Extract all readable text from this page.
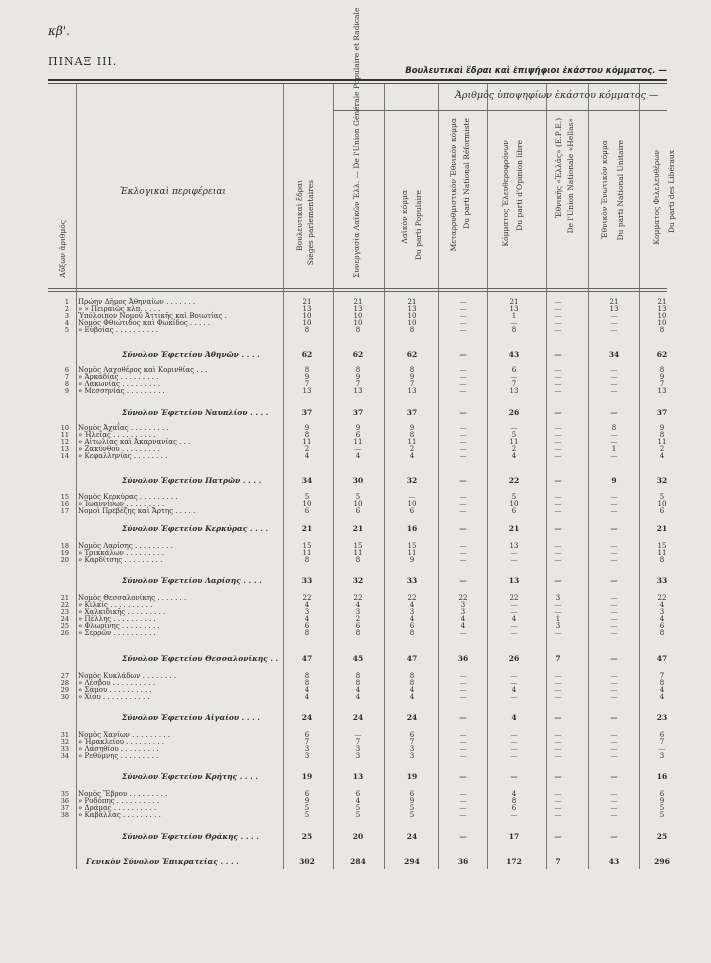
κβ'.
ΠΙΝΑΞ ΙΙΙ.
Βουλευτικαὶ ἕδραι καὶ ἐπιψήφιοι ἑκάστου κόμματος. —
Αὔξων ἀριθμός
Ἐκλογικαὶ περιφέρειαι	Βουλευτικαὶ ἕδραι Sièges parlementaires
Ἀριθμὸς ὑποψηφίων ἑκάστου κόμματος —
Συνεργασία Λαϊκῶν Ἑλλ. — De l'Union Générale Populaire et Radicale	Λαϊκὸν κόμμα Du parti Populaire	Μεταρρυθμιστικὸν Ἐθνικὸν κόμμα Du parti National Réformiste	Κόμματος Ἐλευθεροφρόνων Du parti d'Opinion libre	Ἐθνικῆς «Ἑλλάς» (Ε.Ρ.Ε.) De l'Union Nationale «Hellas»	Ἐθνικὸν Ἑνωτικὸν κόμμα Du parti National Unitaire	Κομματος Φιλελευθέρων Du parti des Libéraux
1 Πρώην Δῆμος Ἀθηναίων . . . . . . .	21	21	21	—	21	—	21	21
2 » » Πειραιῶς κλπ. . . . .	13	13	13	—	13	—	13	13
3 Ὑπόλοιπον Νομοῦ Ἀττικῆς καὶ Βοιωτίας .	10	10	10	—	1	—	—	10
4 Νομὸς Φθιώτιδος καὶ Φωκίδος . . . . .	10	10	10	—	—	—	—	10
5 » Εὐβοίας . . . . . . . . . .	8	8	8	—	8	—	—	8
Σύνολον Ἐφετείου Ἀθηνῶν . . . .	62	62	62	—	43	—	34	62
6 Νομὸς Λαχοθέρος καὶ Κορινθίας . . .	8	8	8	—	6	—	—	8
7 » Ἀρκαδίας . . . . . . . . .	9	9	9	—	—	—	—	9
8 » Λακωνίας . . . . . . . . .	7	7	7	—	7	—	—	7
9 » Μεσσηνίας . . . . . . . . .	13	13	13	—	13	—	—	13
Σύνολον Ἐφετείου Ναυπλίου . . . .	37	37	37	—	26	—	—	37
10 Νομὸς Ἀχαΐας . . . . . . . . .	9	9	9	—	—	—	8	9
11 » Ἠλείας . . . . . . . . . .	8	6	8	—	5	—	—	8
12 » Αἰτωλίας καὶ Ἀκαρνανίας . . .	11	11	11	—	11	—	—	11
13 » Ζακύνθου . . . . . . . . .	2	—	2	—	2	—	1	2
14 » Κεφαλληνίας . . . . . . . .	4	4	4	—	4	—	—	4
Σύνολον Ἐφετείου Πατρῶν . . . .	34	30	32	—	22	—	9	32
15 Νομὸς Κερκύρας . . . . . . . . .	5	5	—	—	5	—	—	5
16 » Ἰωαννίνων . . . . . . . . .	10	10	10	—	10	—	—	10
17 Νομοὶ Πρεβέζης καὶ Ἄρτης . . . . .	6	6	6	—	6	—	—	6
Σύνολον Ἐφετείου Κερκύρας . . . .	21	21	16	—	21	—	—	21
18 Νομὸς Λαρίσης . . . . . . . . .	15	15	15	—	13	—	—	15
19 » Τρικκάλων . . . . . . . . .	11	11	11	—	—	—	—	11
20 » Καρδίτσης . . . . . . . . .	8	8	9	—	—	—	—	8
Σύνολον Ἐφετείου Λαρίσης . . . .	33	32	33	—	13	—	—	33
21 Νομὸς Θεσσαλονίκης . . . . . . .	22	22	22	22	22	3	—	22
22 » Κιλκίς . . . . . . . . . .	4	4	4	3	—	—	—	4
23 » Χαλκιδικῆς . . . . . . . . .	3	3	3	3	—	—	—	3
24 » Πέλλης . . . . . . . . . .	4	2	4	4	4	1	—	4
25 » Φλωρίνης . . . . . . . . .	6	6	6	4	—	3	—	6
26 » Σερρῶν . . . . . . . . . .	8	8	8	—	—	—	—	8
Σύνολον Ἐφετείου Θεσσαλονίκης . .	47	45	47	36	26	7	—	47
27 Νομὸς Κυκλάδων . . . . . . . .	8	8	8	—	—	—	—	7
28 » Λέσβου . . . . . . . . . .	8	8	8	—	—	—	—	8
29 » Σάμου . . . . . . . . . .	4	4	4	—	4	—	—	4
30 » Χίου . . . . . . . . . . .	4	4	4	—	—	—	—	4
Σύνολον Ἐφετείου Αἰγαίου . . . .	24	24	24	—	4	—	—	23
31 Νομὸς Χανίων . . . . . . . . .	6	—	6	—	—	—	—	6
32 » Ἡρακλείου . . . . . . . . .	7	7	7	—	—	—	—	7
33 » Λασηθίου . . . . . . . . .	3	3	3	—	—	—	—	—
34 » Ρεθύμνης . . . . . . . . .	3	3	3	—	—	—	—	3
Σύνολον Ἐφετείου Κρήτης . . . .	19	13	19	—	—	—	—	16
35 Νομὸς Ἕβρου . . . . . . . . .	6	6	6	—	4	—	—	6
36 » Ροδόπης . . . . . . . . . .	9	4	9	—	8	—	—	9
37 » Δράμας . . . . . . . . . .	5	5	5	—	6	—	—	5
38 » Καβάλλας . . . . . . . . .	5	5	5	—	—	—	—	5
Σύνολον Ἐφετείου Θράκης . . . .	25	20	24	—	17	—	—	25
Γενικὸν Σύνολον Ἐπικρατείας . . . .	302	284	294	36	172	7	43	296
